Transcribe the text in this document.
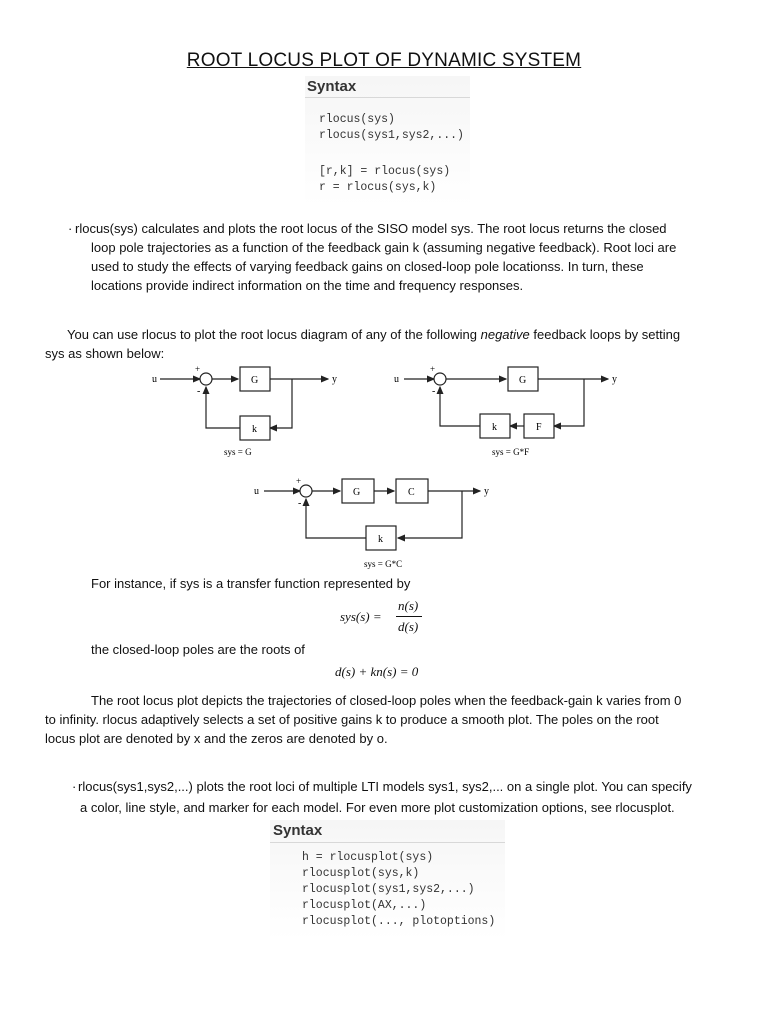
ROOT LOCUS PLOT OF DYNAMIC SYSTEM
Syntax
rlocus(sys)
rlocus(sys1,sys2,...)
[r,k] = rlocus(sys)
r = rlocus(sys,k)
· rlocus(sys) calculates and plots the root locus of the SISO model sys. The root locus returns the closed
loop pole trajectories as a function of the feedback gain k (assuming negative feedback). Root loci are
used to study the effects of varying feedback gains on closed-loop pole locationss. In turn, these
locations provide indirect information on the time and frequency responses.
You can use rlocus to plot the root locus diagram of any of the following negative feedback loops by setting
sys as shown below:
u
+
-
G	y
k
sys = G
u
+
-
G	y
F
k
sys = G*F
u
+
-
G	C	y
k
sys = G*C
For instance, if sys is a transfer function represented by
sys(s) =
n(s)
d(s)
the closed-loop poles are the roots of
d(s) + kn(s) = 0
The root locus plot depicts the trajectories of closed-loop poles when the feedback-gain k varies from 0
to infinity. rlocus adaptively selects a set of positive gains k to produce a smooth plot. The poles on the root
locus plot are denoted by x and the zeros are denoted by o.
· rlocus(sys1,sys2,...) plots the root loci of multiple LTI models sys1, sys2,... on a single plot. You can specify
a color, line style, and marker for each model. For even more plot customization options, see rlocusplot.
Syntax
h = rlocusplot(sys)
rlocusplot(sys,k)
rlocusplot(sys1,sys2,...)
rlocusplot(AX,...)
rlocusplot(..., plotoptions)
